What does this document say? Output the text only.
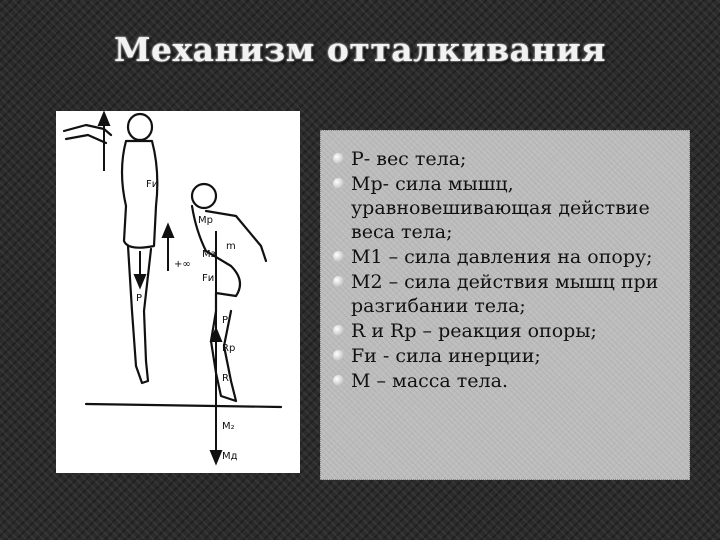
Механизм отталкивания
P
Fи
+∞
Mр
m
Mз
Fи
P
Rр
R
M₂
Mд
Р- вес тела;
Мр- сила мышц, уравновешивающая действие веса тела;
М1 – сила давления на опору;
М2 – сила действия мышц при разгибании тела;
R и Rр – реакция опоры;
Fи - сила инерции;
М – масса тела.
